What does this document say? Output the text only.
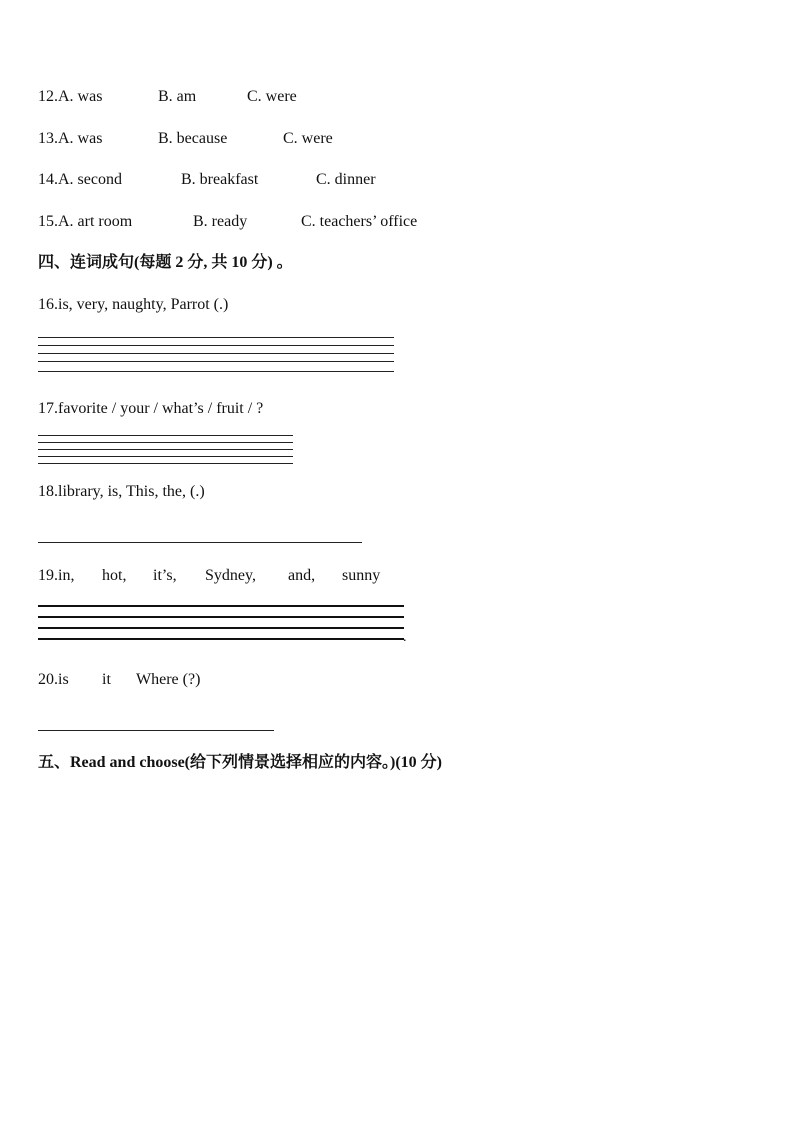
12.A. was	B. am	C. were
13.A. was	B. because	C. were
14.A. second	B. breakfast	C. dinner
15.A. art room	B. ready	C. teachers’ office
四、连词成句(每题 2 分, 共 10 分) 。
16.is, very, naughty, Parrot (.)
17.favorite / your / what’s / fruit / ?
18.library, is, This, the, (.)
19.in, hot, it’s, Sydney, and, sunny
.
20.is it Where (?)
五、Read and choose(给下列情景选择相应的内容。)(10 分)
